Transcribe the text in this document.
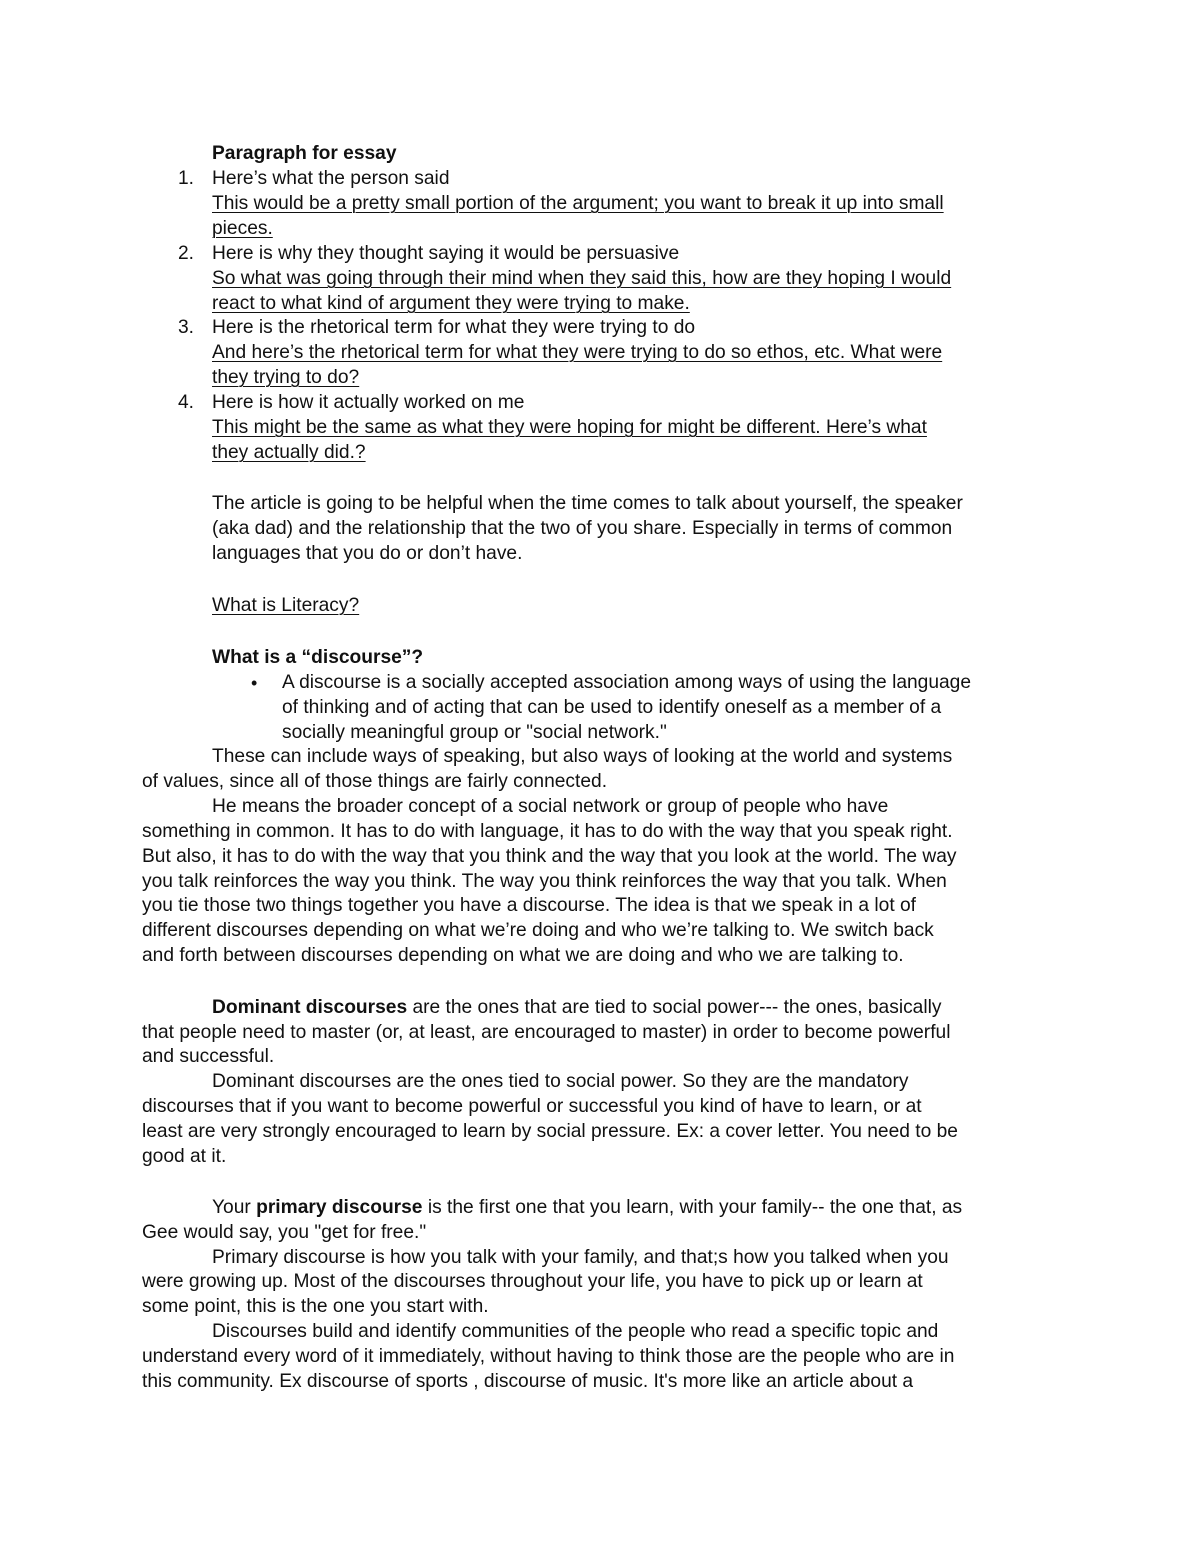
Paragraph for essay
1. Here’s what the person said
This would be a pretty small portion of the argument; you want to break it up into small
pieces.
2. Here is why they thought saying it would be persuasive
So what was going through their mind when they said this, how are they hoping I would
react to what kind of argument they were trying to make.
3. Here is the rhetorical term for what they were trying to do
And here’s the rhetorical term for what they were trying to do so ethos, etc. What were
they trying to do?
4. Here is how it actually worked on me
This might be the same as what they were hoping for might be different. Here’s what
they actually did.?
The article is going to be helpful when the time comes to talk about yourself, the speaker
(aka dad) and the relationship that the two of you share. Especially in terms of common
languages that you do or don’t have.
What is Literacy?
What is a “discourse”?
• A discourse is a socially accepted association among ways of using the language
of thinking and of acting that can be used to identify oneself as a member of a
socially meaningful group or "social network."
These can include ways of speaking, but also ways of looking at the world and systems
of values, since all of those things are fairly connected.
He means the broader concept of a social network or group of people who have
something in common. It has to do with language, it has to do with the way that you speak right.
But also, it has to do with the way that you think and the way that you look at the world. The way
you talk reinforces the way you think. The way you think reinforces the way that you talk. When
you tie those two things together you have a discourse. The idea is that we speak in a lot of
different discourses depending on what we’re doing and who we’re talking to. We switch back
and forth between discourses depending on what we are doing and who we are talking to.
Dominant discourses are the ones that are tied to social power--- the ones, basically
that people need to master (or, at least, are encouraged to master) in order to become powerful
and successful.
Dominant discourses are the ones tied to social power. So they are the mandatory
discourses that if you want to become powerful or successful you kind of have to learn, or at
least are very strongly encouraged to learn by social pressure. Ex: a cover letter. You need to be
good at it.
Your primary discourse is the first one that you learn, with your family-- the one that, as
Gee would say, you "get for free."
Primary discourse is how you talk with your family, and that;s how you talked when you
were growing up. Most of the discourses throughout your life, you have to pick up or learn at
some point, this is the one you start with.
Discourses build and identify communities of the people who read a specific topic and
understand every word of it immediately, without having to think those are the people who are in
this community. Ex discourse of sports , discourse of music. It's more like an article about a
